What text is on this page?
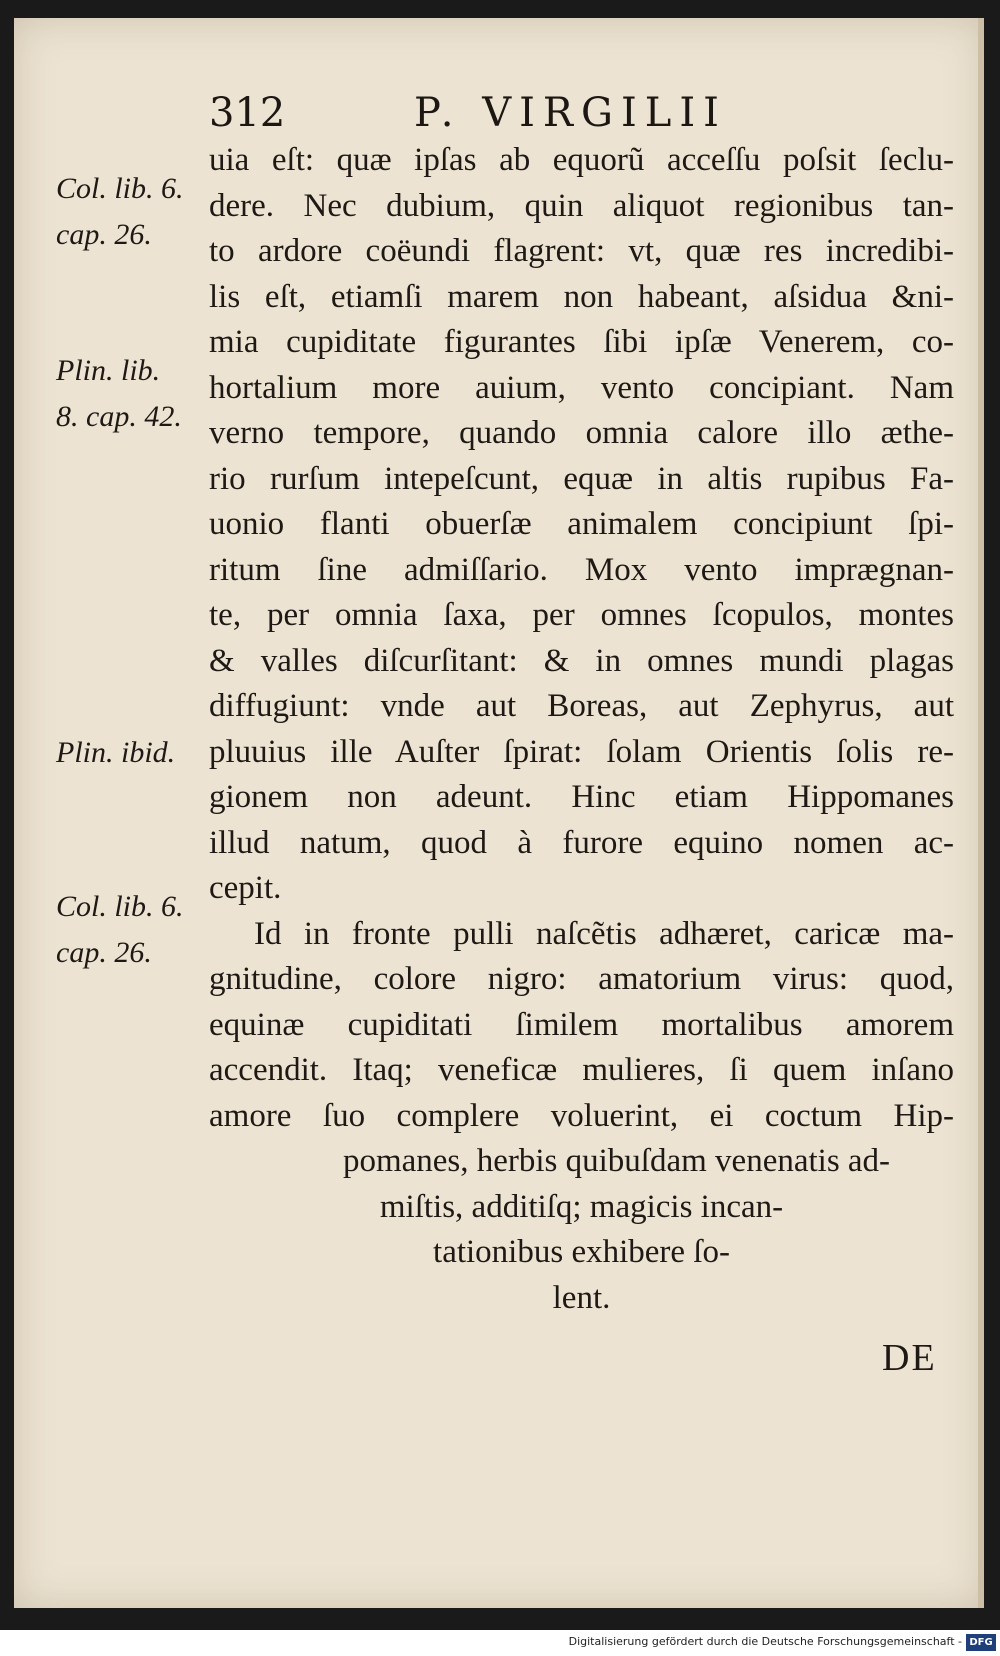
312	P. VIRGILII
Col. lib. 6.
cap. 26.
Plin. lib.
8. cap. 42.
Plin. ibid.
Col. lib. 6.
cap. 26.
uia eſt: quæ ipſas ab equorũ acceſſu poſsit ſeclu-
dere. Nec dubium, quin aliquot regionibus tan-
to ardore coëundi flagrent: vt, quæ res incredibi-
lis eſt, etiamſi marem non habeant, aſsidua &ni-
mia cupiditate figurantes ſibi ipſæ Venerem, co-
hortalium more auium, vento concipiant. Nam
verno tempore, quando omnia calore illo æthe-
rio rurſum intepeſcunt, equæ in altis rupibus Fa-
uonio flanti obuerſæ animalem concipiunt ſpi-
ritum ſine admiſſario. Mox vento imprægnan-
te, per omnia ſaxa, per omnes ſcopulos, montes
& valles diſcurſitant: & in omnes mundi plagas
diffugiunt: vnde aut Boreas, aut Zephyrus, aut
pluuius ille Auſter ſpirat: ſolam Orientis ſolis re-
gionem non adeunt. Hinc etiam Hippomanes
illud natum, quod à furore equino nomen ac-
cepit.
Id in fronte pulli naſcẽtis adhæret, caricæ ma-
gnitudine, colore nigro: amatorium virus: quod,
equinæ cupiditati ſimilem mortalibus amorem
accendit. Itaq; veneficæ mulieres, ſi quem inſano
amore ſuo complere voluerint, ei coctum Hip-
pomanes, herbis quibuſdam venenatis ad-
miſtis, additiſq; magicis incan-
tationibus exhibere ſo-
lent.
DE
Digitalisierung gefördert durch die Deutsche Forschungsgemeinschaft - DFG
